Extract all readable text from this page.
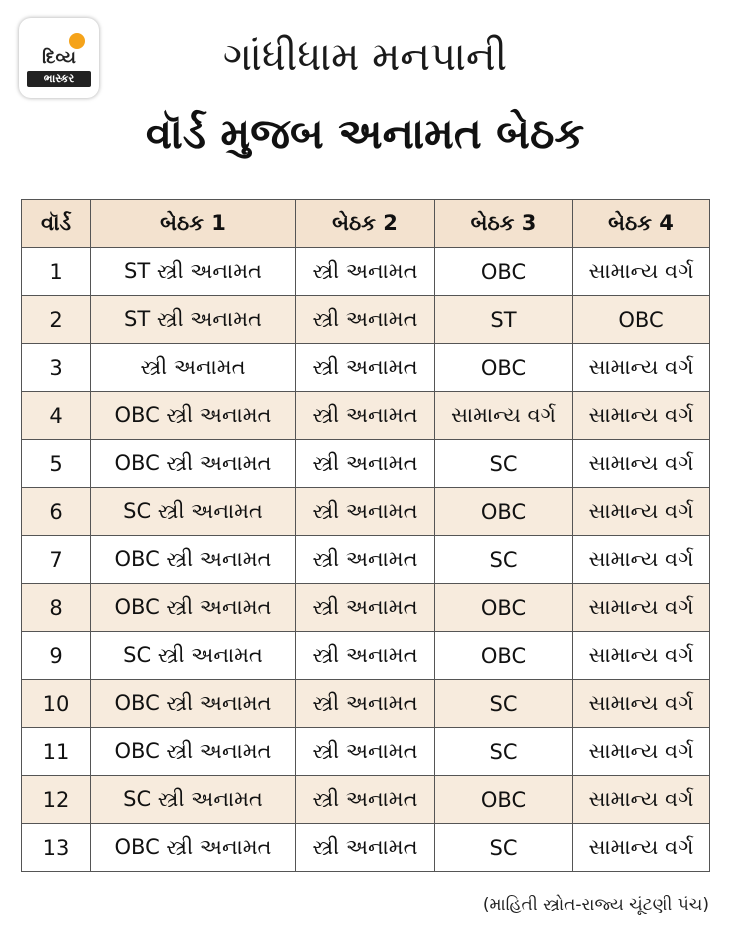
દિવ્ય
ભાસ્કર	ગાંધીધામ મનપાની
વૉર્ડ મુજબ અનામત બેઠક
વૉર્ડ	બેઠક 1	બેઠક 2	બેઠક 3	બેઠક 4
1	ST સ્ત્રી અનામત	સ્ત્રી અનામત	OBC	સામાન્ય વર્ગ
2	ST સ્ત્રી અનામત	સ્ત્રી અનામત	ST	OBC
3	સ્ત્રી અનામત	સ્ત્રી અનામત	OBC	સામાન્ય વર્ગ
4	OBC સ્ત્રી અનામત	સ્ત્રી અનામત	સામાન્ય વર્ગ	સામાન્ય વર્ગ
5	OBC સ્ત્રી અનામત	સ્ત્રી અનામત	SC	સામાન્ય વર્ગ
6	SC સ્ત્રી અનામત	સ્ત્રી અનામત	OBC	સામાન્ય વર્ગ
7	OBC સ્ત્રી અનામત	સ્ત્રી અનામત	SC	સામાન્ય વર્ગ
8	OBC સ્ત્રી અનામત	સ્ત્રી અનામત	OBC	સામાન્ય વર્ગ
9	SC સ્ત્રી અનામત	સ્ત્રી અનામત	OBC	સામાન્ય વર્ગ
10	OBC સ્ત્રી અનામત	સ્ત્રી અનામત	SC	સામાન્ય વર્ગ
11	OBC સ્ત્રી અનામત	સ્ત્રી અનામત	SC	સામાન્ય વર્ગ
12	SC સ્ત્રી અનામત	સ્ત્રી અનામત	OBC	સામાન્ય વર્ગ
13	OBC સ્ત્રી અનામત	સ્ત્રી અનામત	SC	સામાન્ય વર્ગ
(માહિતી સ્ત્રોત-રાજ્ય ચૂંટણી પંચ)
